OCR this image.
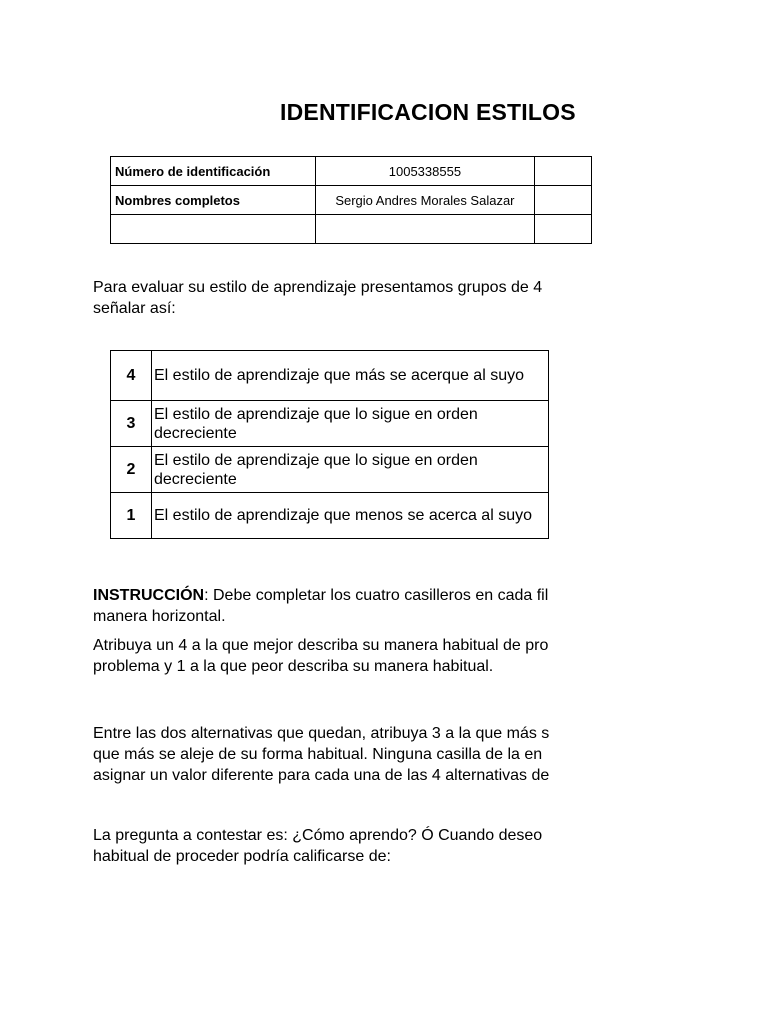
IDENTIFICACION ESTILOS
Número de identificación	1005338555	
Nombres completos	Sergio Andres Morales Salazar	

Para evaluar su estilo de aprendizaje presentamos grupos de 4
señalar así:
4	El estilo de aprendizaje que más se acerque al suyo
3	El estilo de aprendizaje que lo sigue en orden decreciente
2	El estilo de aprendizaje que lo sigue en orden decreciente
1	El estilo de aprendizaje que menos se acerca al suyo
INSTRUCCIÓN: Debe completar los cuatro casilleros en cada fil
manera horizontal.
Atribuya un 4 a la que mejor describa su manera habitual de pro
problema y 1 a la que peor describa su manera habitual.
Entre las dos alternativas que quedan, atribuya 3 a la que más s
que más se aleje de su forma habitual. Ninguna casilla de la en
asignar un valor diferente para cada una de las 4 alternativas de
La pregunta a contestar es: ¿Cómo aprendo? Ó Cuando deseo
habitual de proceder podría calificarse de:
